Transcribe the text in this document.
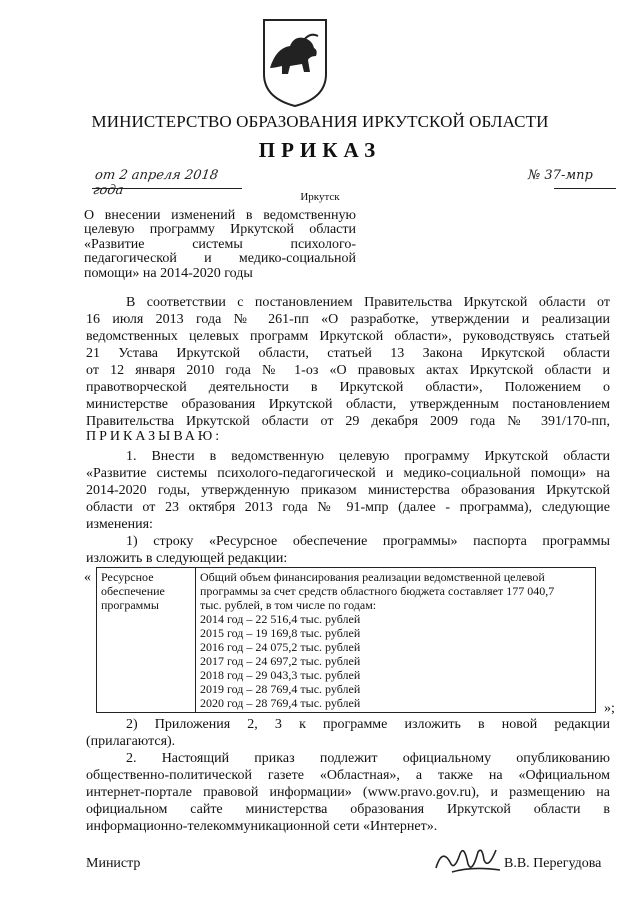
МИНИСТЕРСТВО ОБРАЗОВАНИЯ ИРКУТСКОЙ ОБЛАСТИ
ПРИКАЗ
от 2 апреля 2018 года
№ 37-мпр
Иркутск
О внесении изменений в ведомственную
целевую программу Иркутской области
«Развитие системы психолого-
педагогической и медико-социальной
помощи» на 2014-2020 годы
В соответствии с постановлением Правительства Иркутской области от
16 июля 2013 года № 261-пп «О разработке, утверждении и реализации
ведомственных целевых программ Иркутской области», руководствуясь статьей
21 Устава Иркутской области, статьей 13 Закона Иркутской области
от 12 января 2010 года № 1-оз «О правовых актах Иркутской области и
правотворческой деятельности в Иркутской области», Положением о
министерстве образования Иркутской области, утвержденным постановлением
Правительства Иркутской области от 29 декабря 2009 года № 391/170-пп,
ПРИКАЗЫВАЮ:
1. Внести в ведомственную целевую программу Иркутской области
«Развитие системы психолого-педагогической и медико-социальной помощи» на
2014-2020 годы, утвержденную приказом министерства образования Иркутской
области от 23 октября 2013 года № 91-мпр (далее - программа), следующие
изменения:
1) строку «Ресурсное обеспечение программы» паспорта программы
изложить в следующей редакции:
« Ресурсное обеспечение программы	
Общий объем финансирования реализации ведомственной целевой
программы за счет средств областного бюджета составляет 177 040,7
тыс. рублей, в том числе по годам:
2014 год – 22 516,4 тыс. рублей
2015 год – 19 169,8 тыс. рублей
2016 год – 24 075,2 тыс. рублей
2017 год – 24 697,2 тыс. рублей
2018 год – 29 043,3 тыс. рублей
2019 год – 28 769,4 тыс. рублей
2020 год – 28 769,4 тыс. рублей	»;
2) Приложения 2, 3 к программе изложить в новой редакции
(прилагаются).
2. Настоящий приказ подлежит официальному опубликованию
общественно-политической газете «Областная», а также на «Официальном
интернет-портале правовой информации» (www.pravo.gov.ru), и размещению на
официальном сайте министерства образования Иркутской области в
информационно-телекоммуникационной сети «Интернет».
Министр	В.В. Перегудова
